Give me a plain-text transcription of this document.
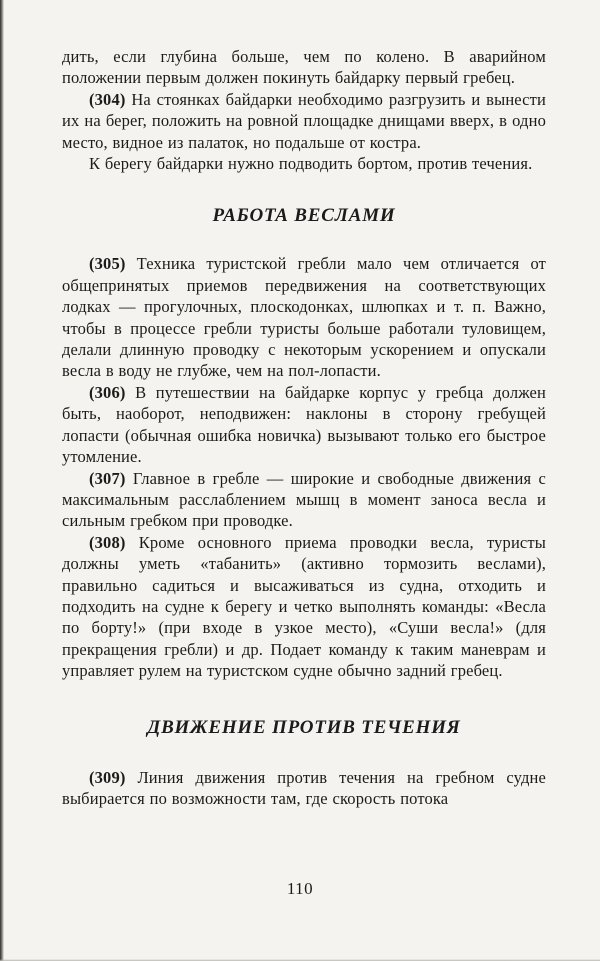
дить, если глубина больше, чем по колено. В аварийном положении первым должен покинуть байдарку первый гребец.

(304) На стоянках байдарки необходимо разгрузить и вынести их на берег, положить на ровной площадке днищами вверх, в одно место, видное из палаток, но подальше от костра.

К берегу байдарки нужно подводить бортом, против течения.

РАБОТА ВЕСЛАМИ

(305) Техника туристской гребли мало чем отличается от общепринятых приемов передвижения на соответствующих лодках — прогулочных, плоскодонках, шлюпках и т. п. Важно, чтобы в процессе гребли туристы больше работали туловищем, делали длинную проводку с некоторым ускорением и опускали весла в воду не глубже, чем на пол-лопасти.

(306) В путешествии на байдарке корпус у гребца должен быть, наоборот, неподвижен: наклоны в сторону гребущей лопасти (обычная ошибка новичка) вызывают только его быстрое утомление.

(307) Главное в гребле — широкие и свободные движения с максимальным расслаблением мышц в момент заноса весла и сильным гребком при проводке.

(308) Кроме основного приема проводки весла, туристы должны уметь «табанить» (активно тормозить веслами), правильно садиться и высаживаться из судна, отходить и подходить на судне к берегу и четко выполнять команды: «Весла по борту!» (при входе в узкое место), «Суши весла!» (для прекращения гребли) и др. Подает команду к таким маневрам и управляет рулем на туристском судне обычно задний гребец.

ДВИЖЕНИЕ ПРОТИВ ТЕЧЕНИЯ

(309) Линия движения против течения на гребном судне выбирается по возможности там, где скорость потока

110
